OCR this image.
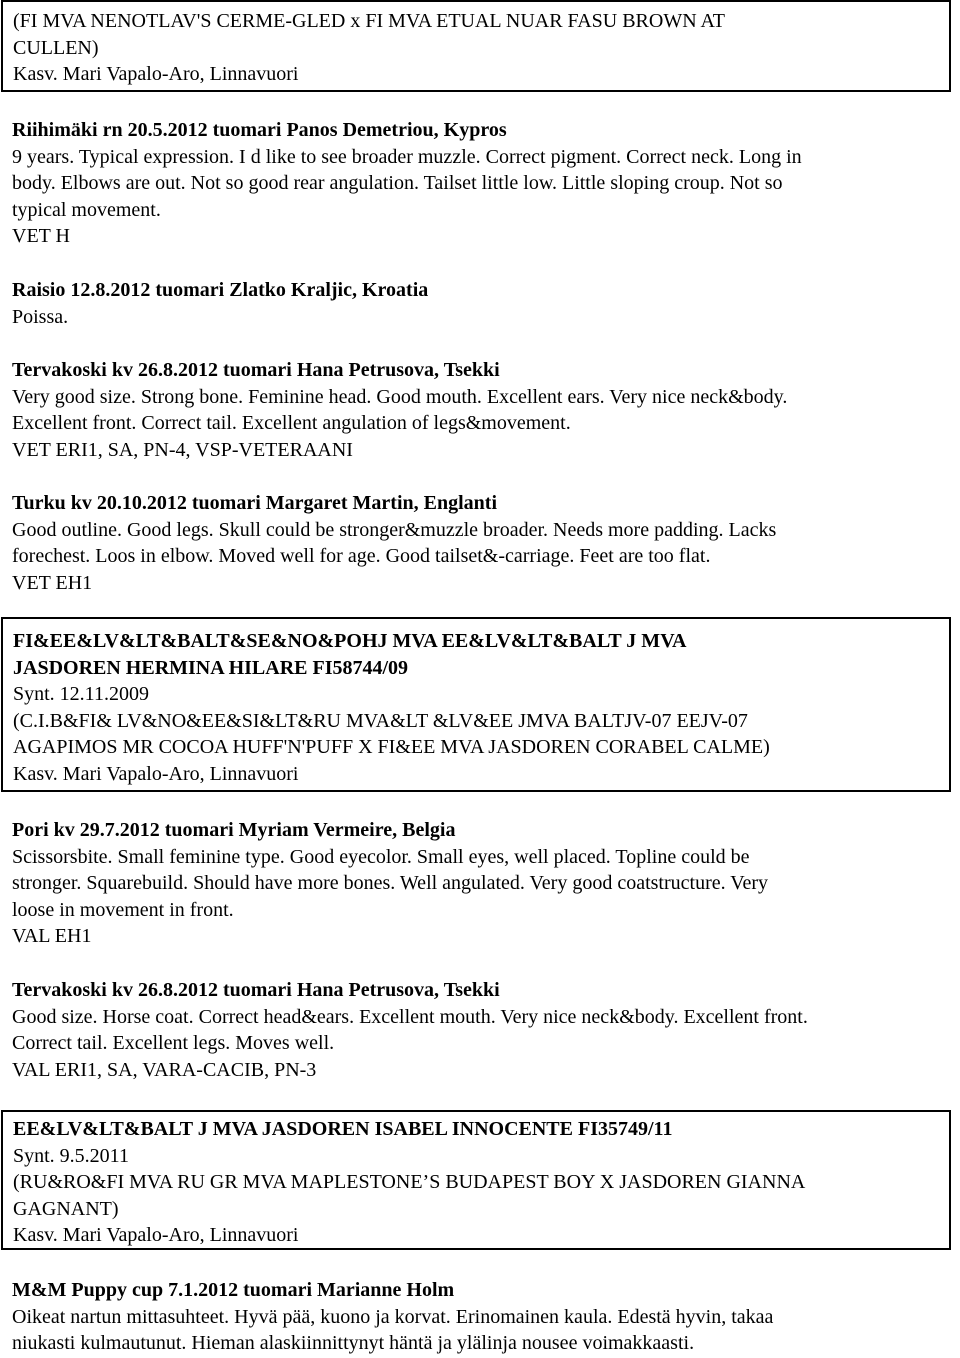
(FI MVA NENOTLAV'S CERME-GLED x FI MVA ETUAL NUAR FASU BROWN AT
CULLEN)
Kasv. Mari Vapalo-Aro, Linnavuori
Riihimäki rn 20.5.2012 tuomari Panos Demetriou, Kypros
9 years. Typical expression. I d like to see broader muzzle. Correct pigment. Correct neck. Long in
body. Elbows are out. Not so good rear angulation. Tailset little low. Little sloping croup. Not so
typical movement.
VET H
Raisio 12.8.2012 tuomari Zlatko Kraljic, Kroatia
Poissa.
Tervakoski kv 26.8.2012 tuomari Hana Petrusova, Tsekki
Very good size. Strong bone. Feminine head. Good mouth. Excellent ears. Very nice neck&body.
Excellent front. Correct tail. Excellent angulation of legs&movement.
VET ERI1, SA, PN-4, VSP-VETERAANI
Turku kv 20.10.2012 tuomari Margaret Martin, Englanti
Good outline. Good legs. Skull could be stronger&muzzle broader. Needs more padding. Lacks
forechest. Loos in elbow. Moved well for age. Good tailset&-carriage. Feet are too flat.
VET EH1
FI&EE&LV&LT&BALT&SE&NO&POHJ MVA EE&LV&LT&BALT J MVA
JASDOREN HERMINA HILARE FI58744/09
Synt. 12.11.2009
(C.I.B&FI& LV&NO&EE&SI&LT&RU MVA&LT &LV&EE JMVA BALTJV-07 EEJV-07
AGAPIMOS MR COCOA HUFF'N'PUFF X FI&EE MVA JASDOREN CORABEL CALME)
Kasv. Mari Vapalo-Aro, Linnavuori
Pori kv 29.7.2012 tuomari Myriam Vermeire, Belgia
Scissorsbite. Small feminine type. Good eyecolor. Small eyes, well placed. Topline could be
stronger. Squarebuild. Should have more bones. Well angulated. Very good coatstructure. Very
loose in movement in front.
VAL EH1
Tervakoski kv 26.8.2012 tuomari Hana Petrusova, Tsekki
Good size. Horse coat. Correct head&ears. Excellent mouth. Very nice neck&body. Excellent front.
Correct tail. Excellent legs. Moves well.
VAL ERI1, SA, VARA-CACIB, PN-3
EE&LV&LT&BALT J MVA JASDOREN ISABEL INNOCENTE FI35749/11
Synt. 9.5.2011
(RU&RO&FI MVA RU GR MVA MAPLESTONE’S BUDAPEST BOY X JASDOREN GIANNA
GAGNANT)
Kasv. Mari Vapalo-Aro, Linnavuori
M&M Puppy cup 7.1.2012 tuomari Marianne Holm
Oikeat nartun mittasuhteet. Hyvä pää, kuono ja korvat. Erinomainen kaula. Edestä hyvin, takaa
niukasti kulmautunut. Hieman alaskiinnittynyt häntä ja ylälinja nousee voimakkaasti.
